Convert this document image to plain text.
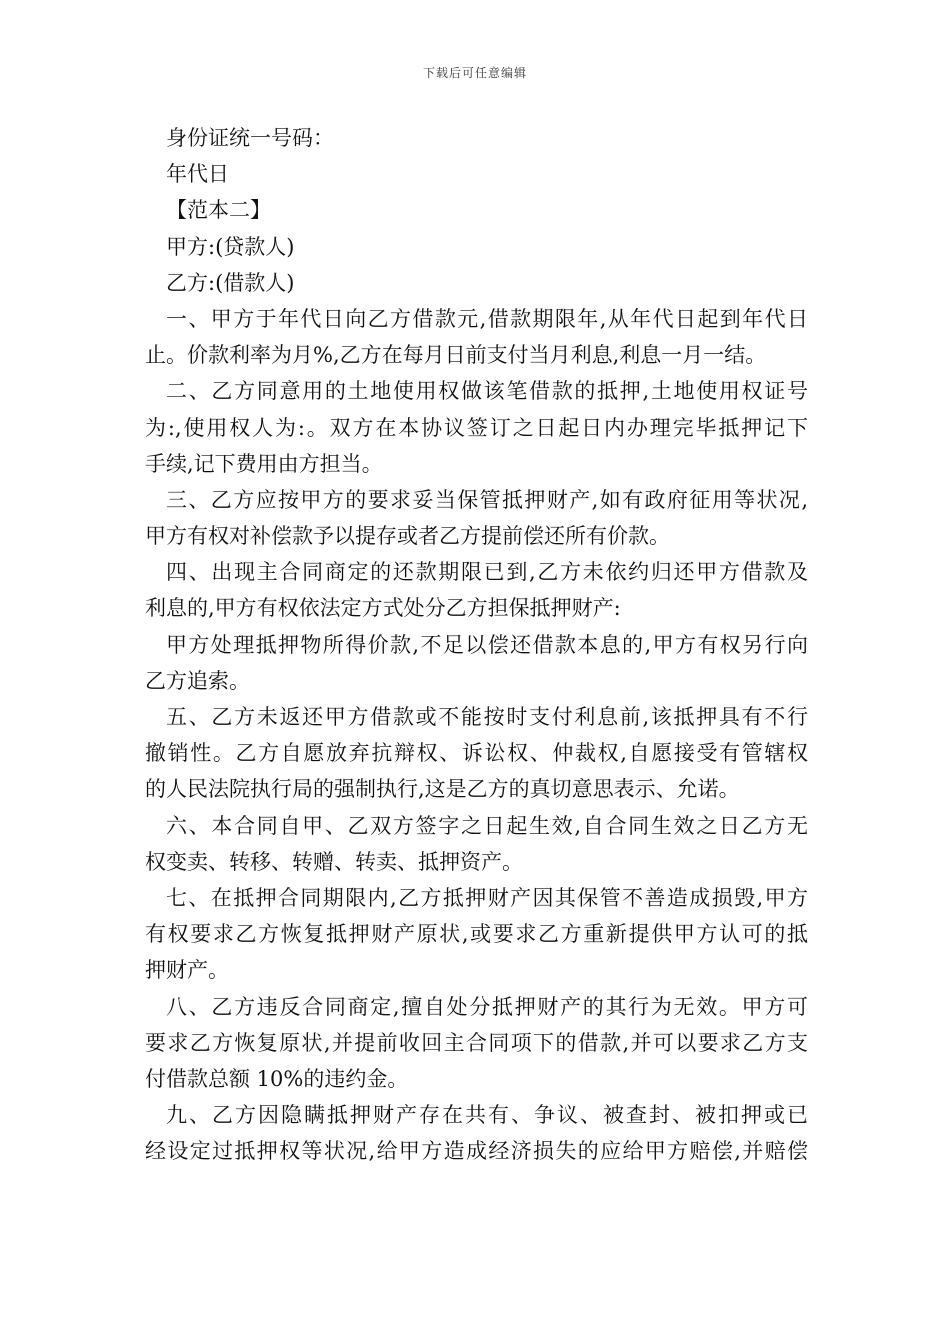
下载后可任意编辑
身份证统一号码：
年代日
【范本二】
甲方:(贷款人)
乙方:(借款人)
一、甲方于年代日向乙方借款元,借款期限年,从年代日起到年代日
止。价款利率为月%,乙方在每月日前支付当月利息,利息一月一结。
二、乙方同意用的土地使用权做该笔借款的抵押,土地使用权证号
为:,使用权人为:。双方在本协议签订之日起日内办理完毕抵押记下
手续,记下费用由方担当。
三、乙方应按甲方的要求妥当保管抵押财产,如有政府征用等状况,
甲方有权对补偿款予以提存或者乙方提前偿还所有价款。
四、出现主合同商定的还款期限已到,乙方未依约归还甲方借款及
利息的,甲方有权依法定方式处分乙方担保抵押财产:
甲方处理抵押物所得价款,不足以偿还借款本息的,甲方有权另行向
乙方追索。
五、乙方未返还甲方借款或不能按时支付利息前,该抵押具有不行
撤销性。乙方自愿放弃抗辩权、诉讼权、仲裁权,自愿接受有管辖权
的人民法院执行局的强制执行,这是乙方的真切意思表示、允诺。
六、本合同自甲、乙双方签字之日起生效,自合同生效之日乙方无
权变卖、转移、转赠、转卖、抵押资产。
七、在抵押合同期限内,乙方抵押财产因其保管不善造成损毁,甲方
有权要求乙方恢复抵押财产原状,或要求乙方重新提供甲方认可的抵
押财产。
八、乙方违反合同商定,擅自处分抵押财产的其行为无效。甲方可
要求乙方恢复原状,并提前收回主合同项下的借款,并可以要求乙方支
付借款总额 10%的违约金。
九、乙方因隐瞒抵押财产存在共有、争议、被查封、被扣押或已
经设定过抵押权等状况,给甲方造成经济损失的应给甲方赔偿,并赔偿
